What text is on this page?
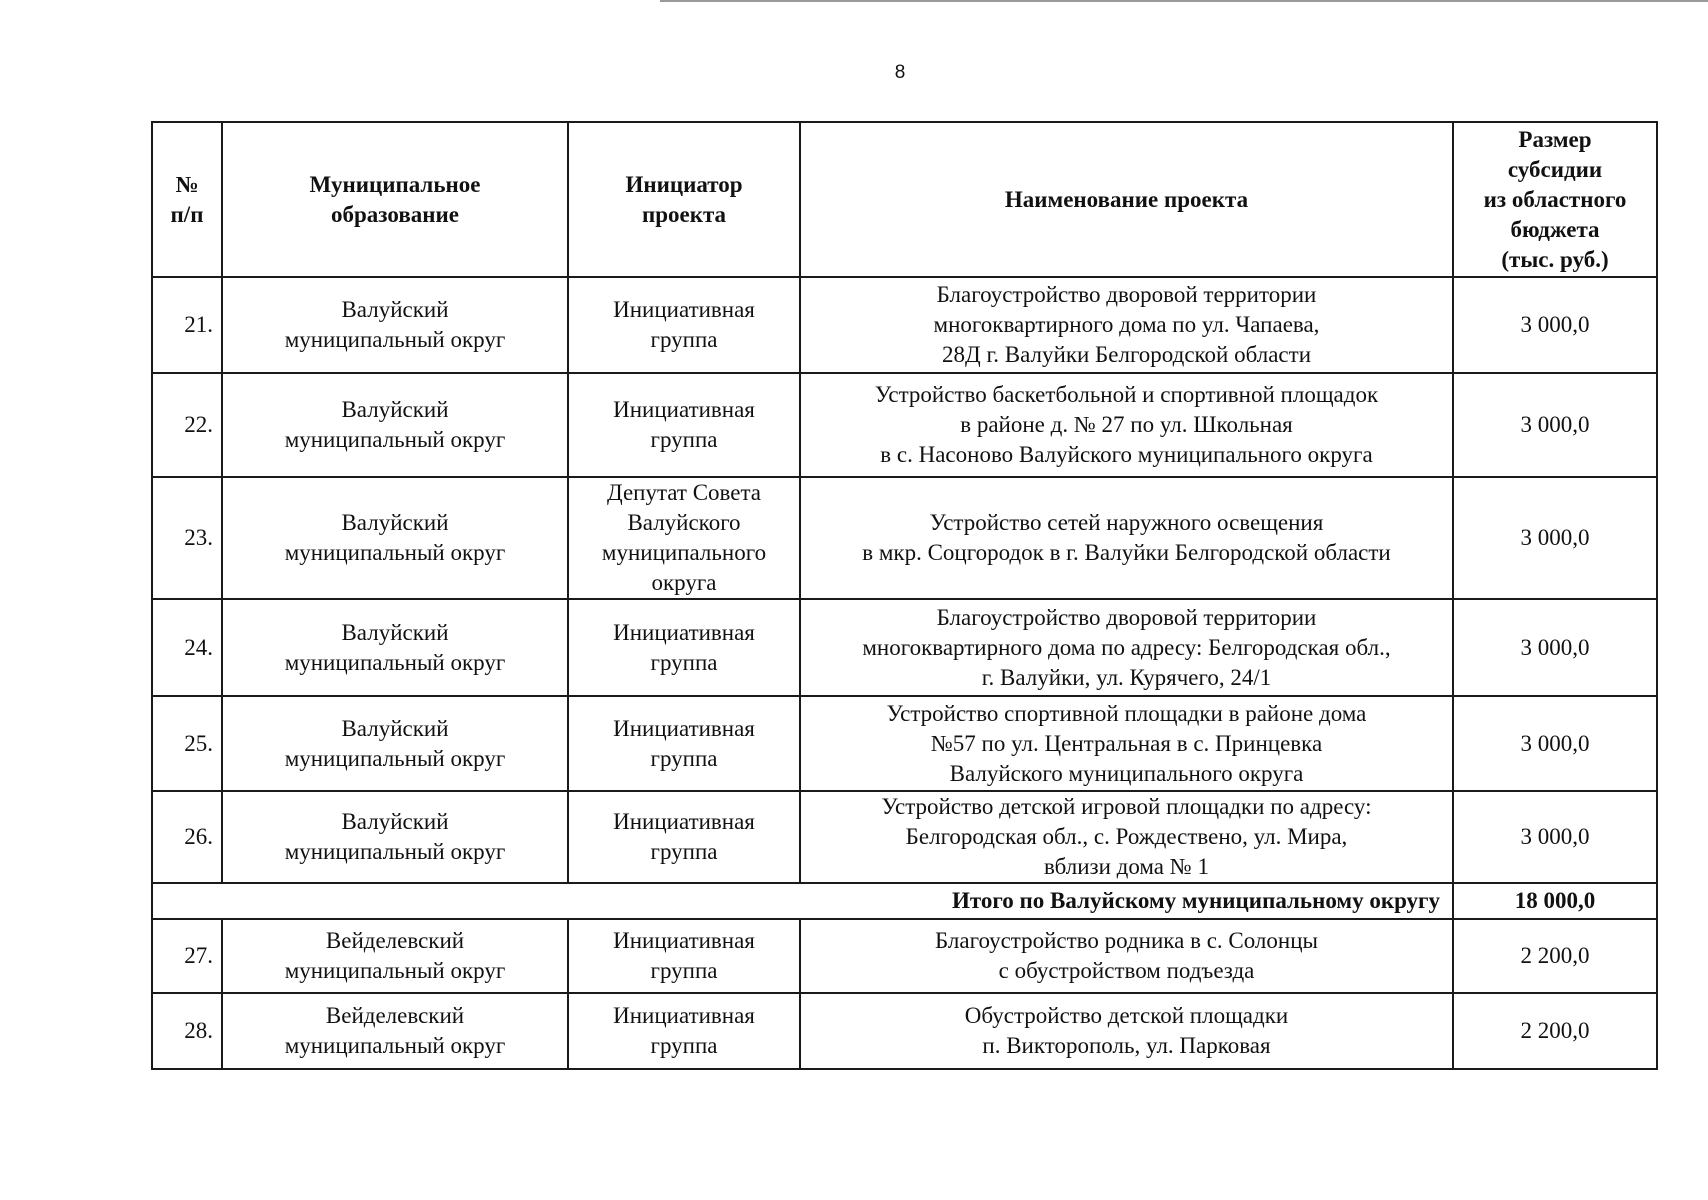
8
№
п/п	Муниципальное
образование	Инициатор
проекта	Наименование проекта	Размер
субсидии
из областного
бюджета
(тыс. руб.)
21.	Валуйский
муниципальный округ	Инициативная
группа	Благоустройство дворовой территории
многоквартирного дома по ул. Чапаева,
28Д г. Валуйки Белгородской области	3 000,0
22.	Валуйский
муниципальный округ	Инициативная
группа	Устройство баскетбольной и спортивной площадок
в районе д. № 27 по ул. Школьная
в с. Насоново Валуйского муниципального округа	3 000,0
23.	Валуйский
муниципальный округ	Депутат Совета
Валуйского
муниципального
округа	Устройство сетей наружного освещения
в мкр. Соцгородок в г. Валуйки Белгородской области	3 000,0
24.	Валуйский
муниципальный округ	Инициативная
группа	Благоустройство дворовой территории
многоквартирного дома по адресу: Белгородская обл.,
г. Валуйки, ул. Курячего, 24/1	3 000,0
25.	Валуйский
муниципальный округ	Инициативная
группа	Устройство спортивной площадки в районе дома
№57 по ул. Центральная в с. Принцевка
Валуйского муниципального округа	3 000,0
26.	Валуйский
муниципальный округ	Инициативная
группа	Устройство детской игровой площадки по адресу:
Белгородская обл., с. Рождествено, ул. Мира,
вблизи дома № 1	3 000,0
Итого по Валуйскому муниципальному округу				18 000,0
27.	Вейделевский
муниципальный округ	Инициативная
группа	Благоустройство родника в с. Солонцы
с обустройством подъезда	2 200,0
28.	Вейделевский
муниципальный округ	Инициативная
группа	Обустройство детской площадки
п. Викторополь, ул. Парковая	2 200,0
